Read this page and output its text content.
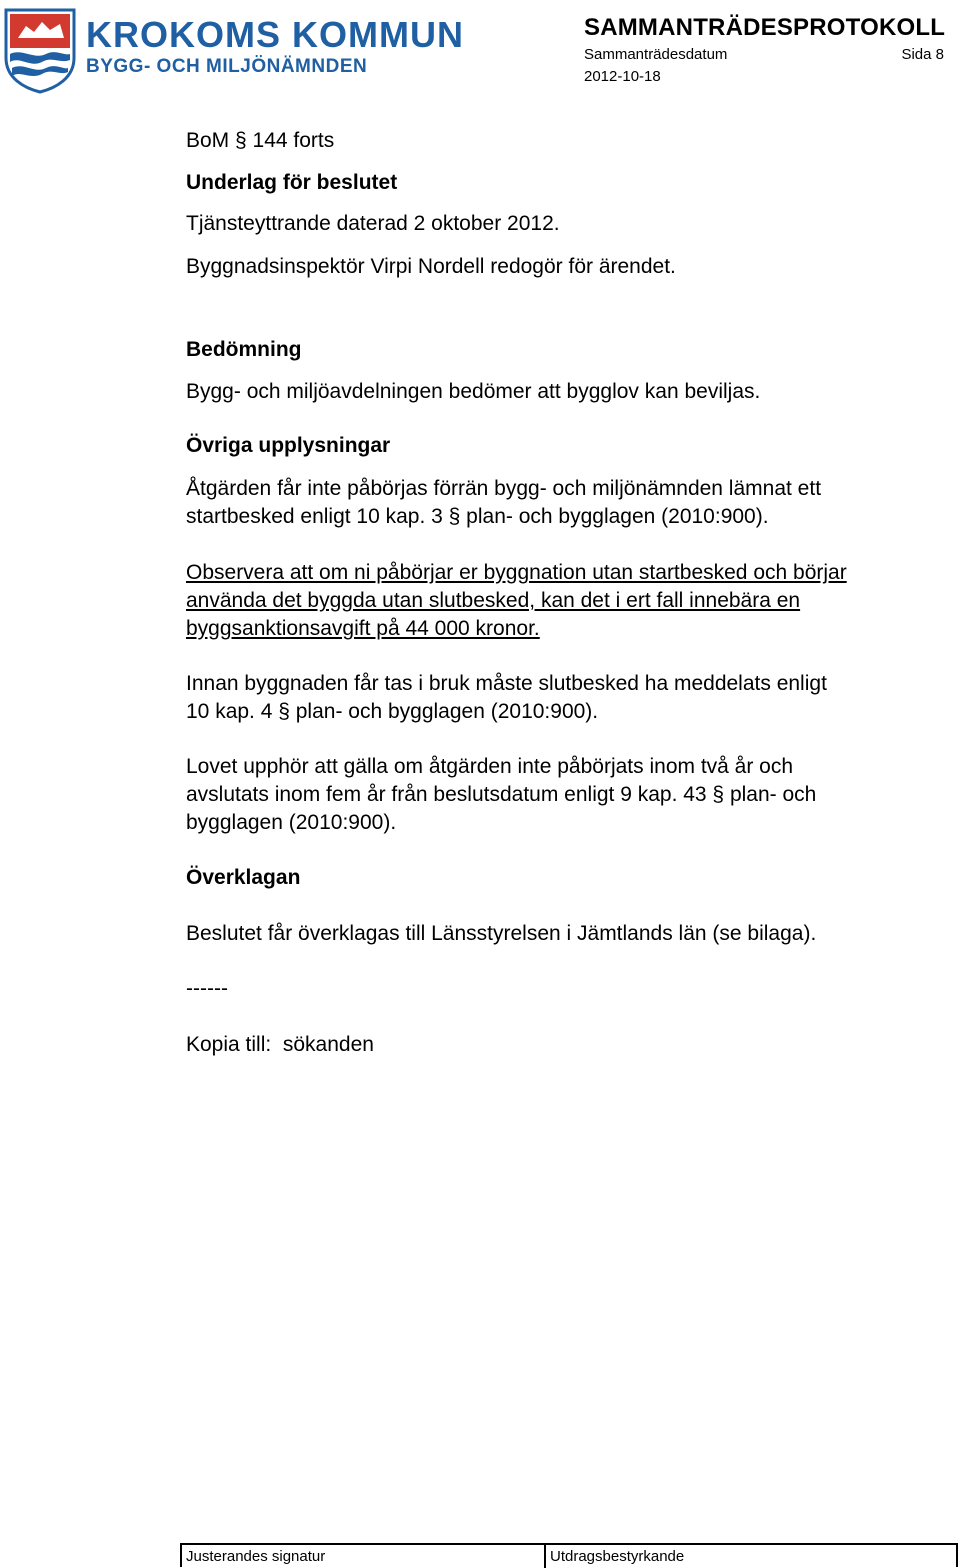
KROKOMS KOMMUN
BYGG- OCH MILJÖNÄMNDEN
SAMMANTRÄDESPROTOKOLL
Sammanträdesdatum	Sida 8
2012-10-18
BoM § 144 forts
Underlag för beslutet
Tjänsteyttrande daterad 2 oktober 2012.
Byggnadsinspektör Virpi Nordell redogör för ärendet.
Bedömning
Bygg- och miljöavdelningen bedömer att bygglov kan beviljas.
Övriga upplysningar
Åtgärden får inte påbörjas förrän bygg- och miljönämnden lämnat ett
startbesked enligt 10 kap. 3 § plan- och bygglagen (2010:900).
Observera att om ni påbörjar er byggnation utan startbesked och börjar
använda det byggda utan slutbesked, kan det i ert fall innebära en
byggsanktionsavgift på 44 000 kronor.
Innan byggnaden får tas i bruk måste slutbesked ha meddelats enligt
10 kap. 4 § plan- och bygglagen (2010:900).
Lovet upphör att gälla om åtgärden inte påbörjats inom två år och
avslutats inom fem år från beslutsdatum enligt 9 kap. 43 § plan- och
bygglagen (2010:900).
Överklagan
Beslutet får överklagas till Länsstyrelsen i Jämtlands län (se bilaga).
------
Kopia till:  sökanden
Justerandes signatur	Utdragsbestyrkande
